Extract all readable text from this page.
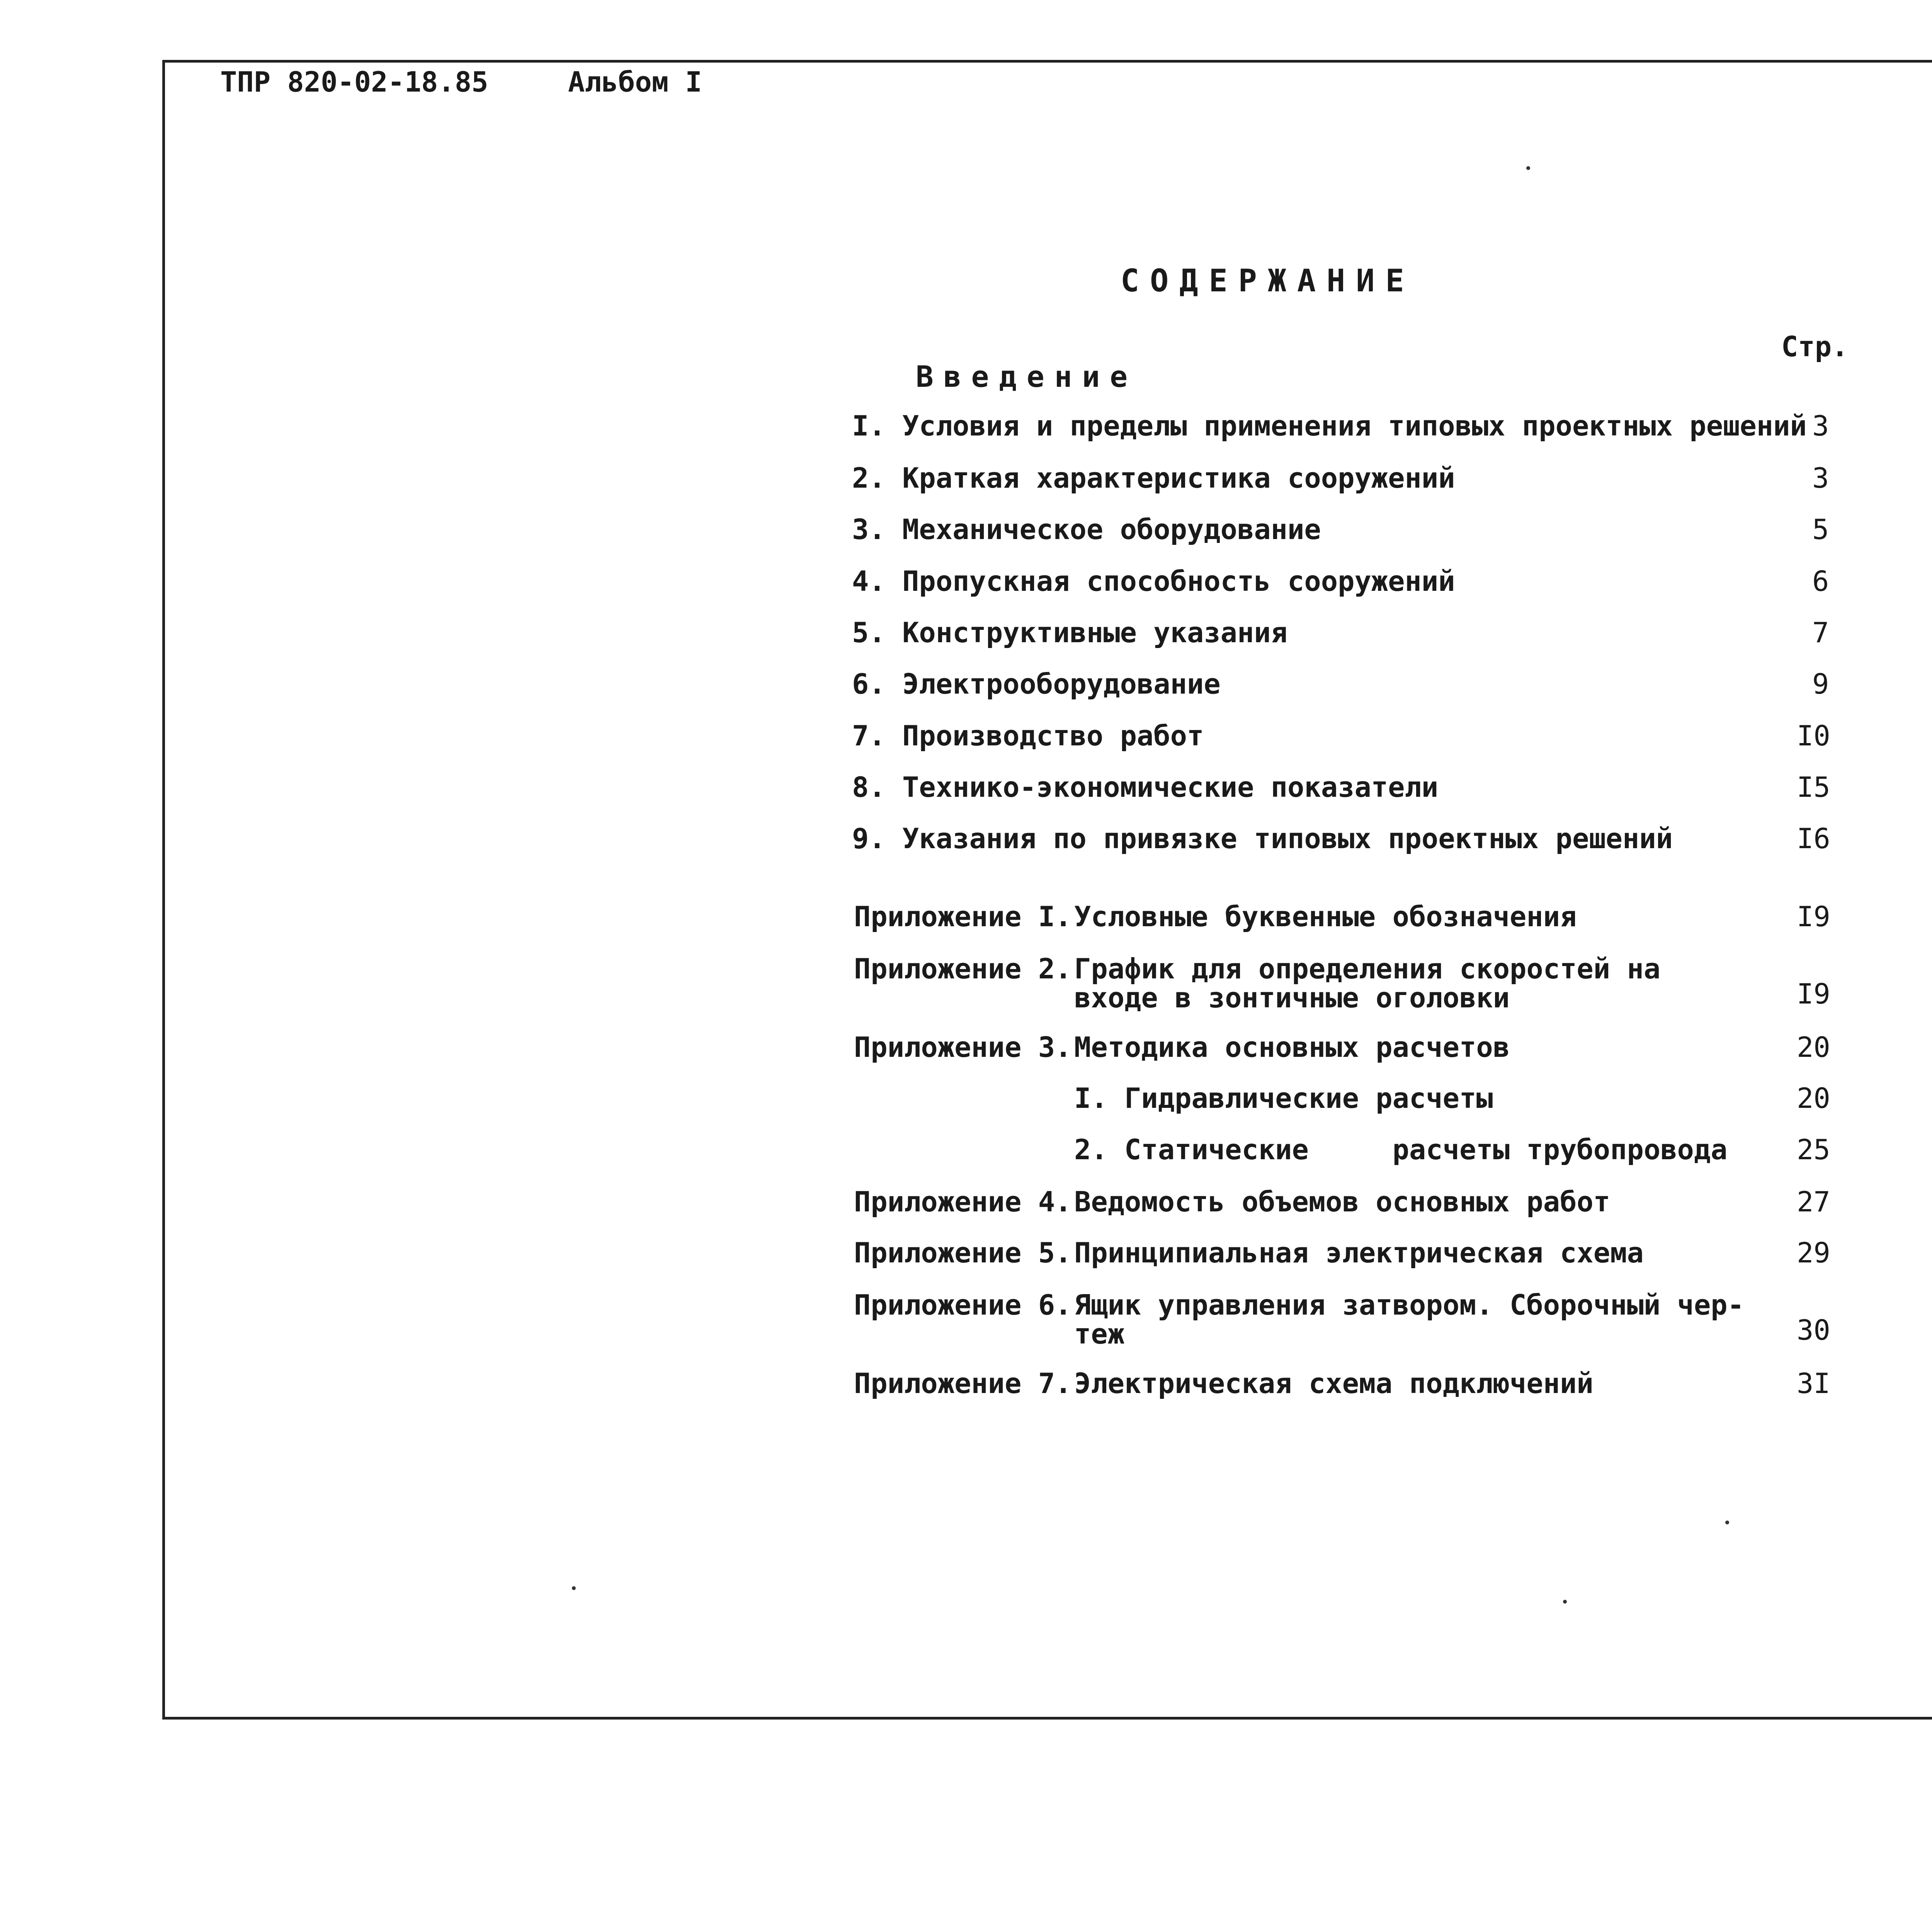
ТПР 820-02-18.85	Альбом I
СОДЕРЖАНИЕ
Стр.
Введение
I. Условия и пределы применения типовых проектных решений 3
2. Краткая характеристика сооружений	3
3. Механическое оборудование	5
4. Пропускная способность сооружений	6
5. Конструктивные указания	7
6. Электрооборудование	9
7. Производство работ	I0
8. Технико-экономические показатели	I5
9. Указания по привязке типовых проектных решений	I6
Приложение I. Условные буквенные обозначения	I9
Приложение 2. График для определения скоростей на
входе в зонтичные оголовки	I9
Приложение 3. Методика основных расчетов	20
I. Гидравлические расчеты	20
2. Статические     расчеты трубопровода 25
Приложение 4. Ведомость объемов основных работ	27
Приложение 5. Принципиальная электрическая схема	29
Приложение 6. Ящик управления затвором. Сборочный чер-
теж	30
Приложение 7. Электрическая схема подключений	3I
